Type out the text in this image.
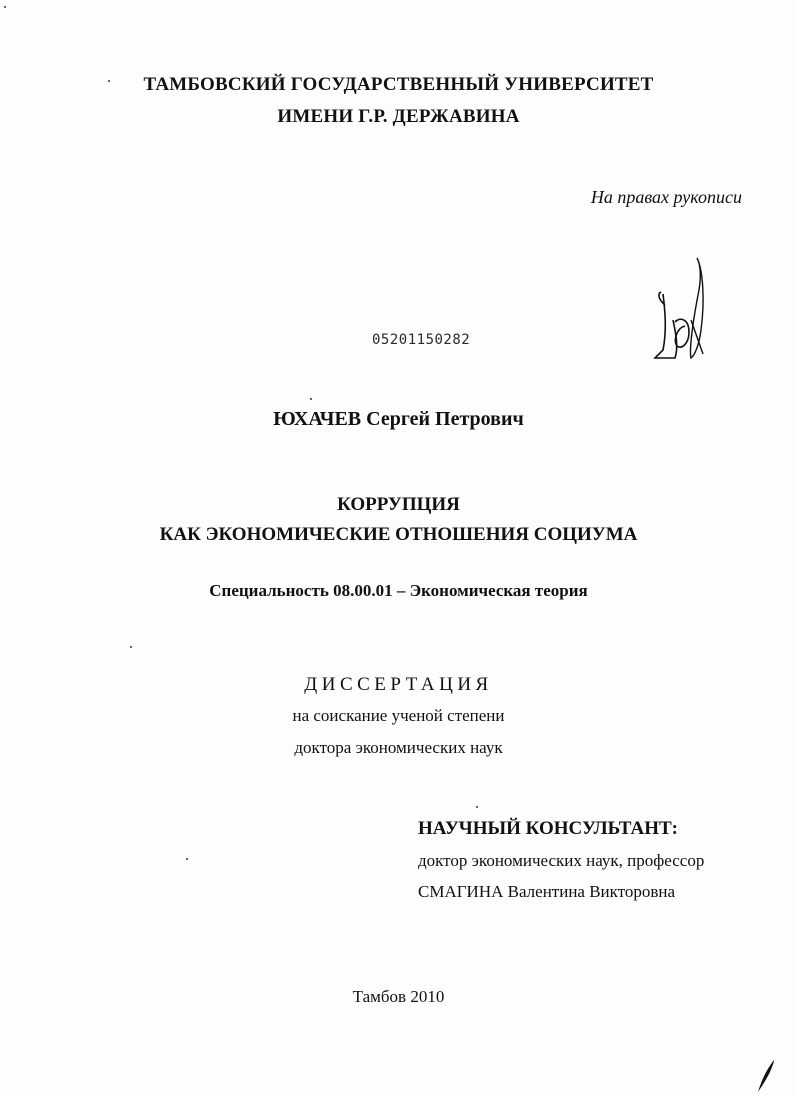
ТАМБОВСКИЙ ГОСУДАРСТВЕННЫЙ УНИВЕРСИТЕТ
ИМЕНИ Г.Р. ДЕРЖАВИНА
На правах рукописи
05201150282
ЮХАЧЕВ Сергей Петрович
КОРРУПЦИЯ
КАК ЭКОНОМИЧЕСКИЕ ОТНОШЕНИЯ СОЦИУМА
Специальность 08.00.01 – Экономическая теория
ДИССЕРТАЦИЯ
на соискание ученой степени
доктора экономических наук
НАУЧНЫЙ КОНСУЛЬТАНТ:
доктор экономических наук, профессор
СМАГИНА Валентина Викторовна
Тамбов 2010
